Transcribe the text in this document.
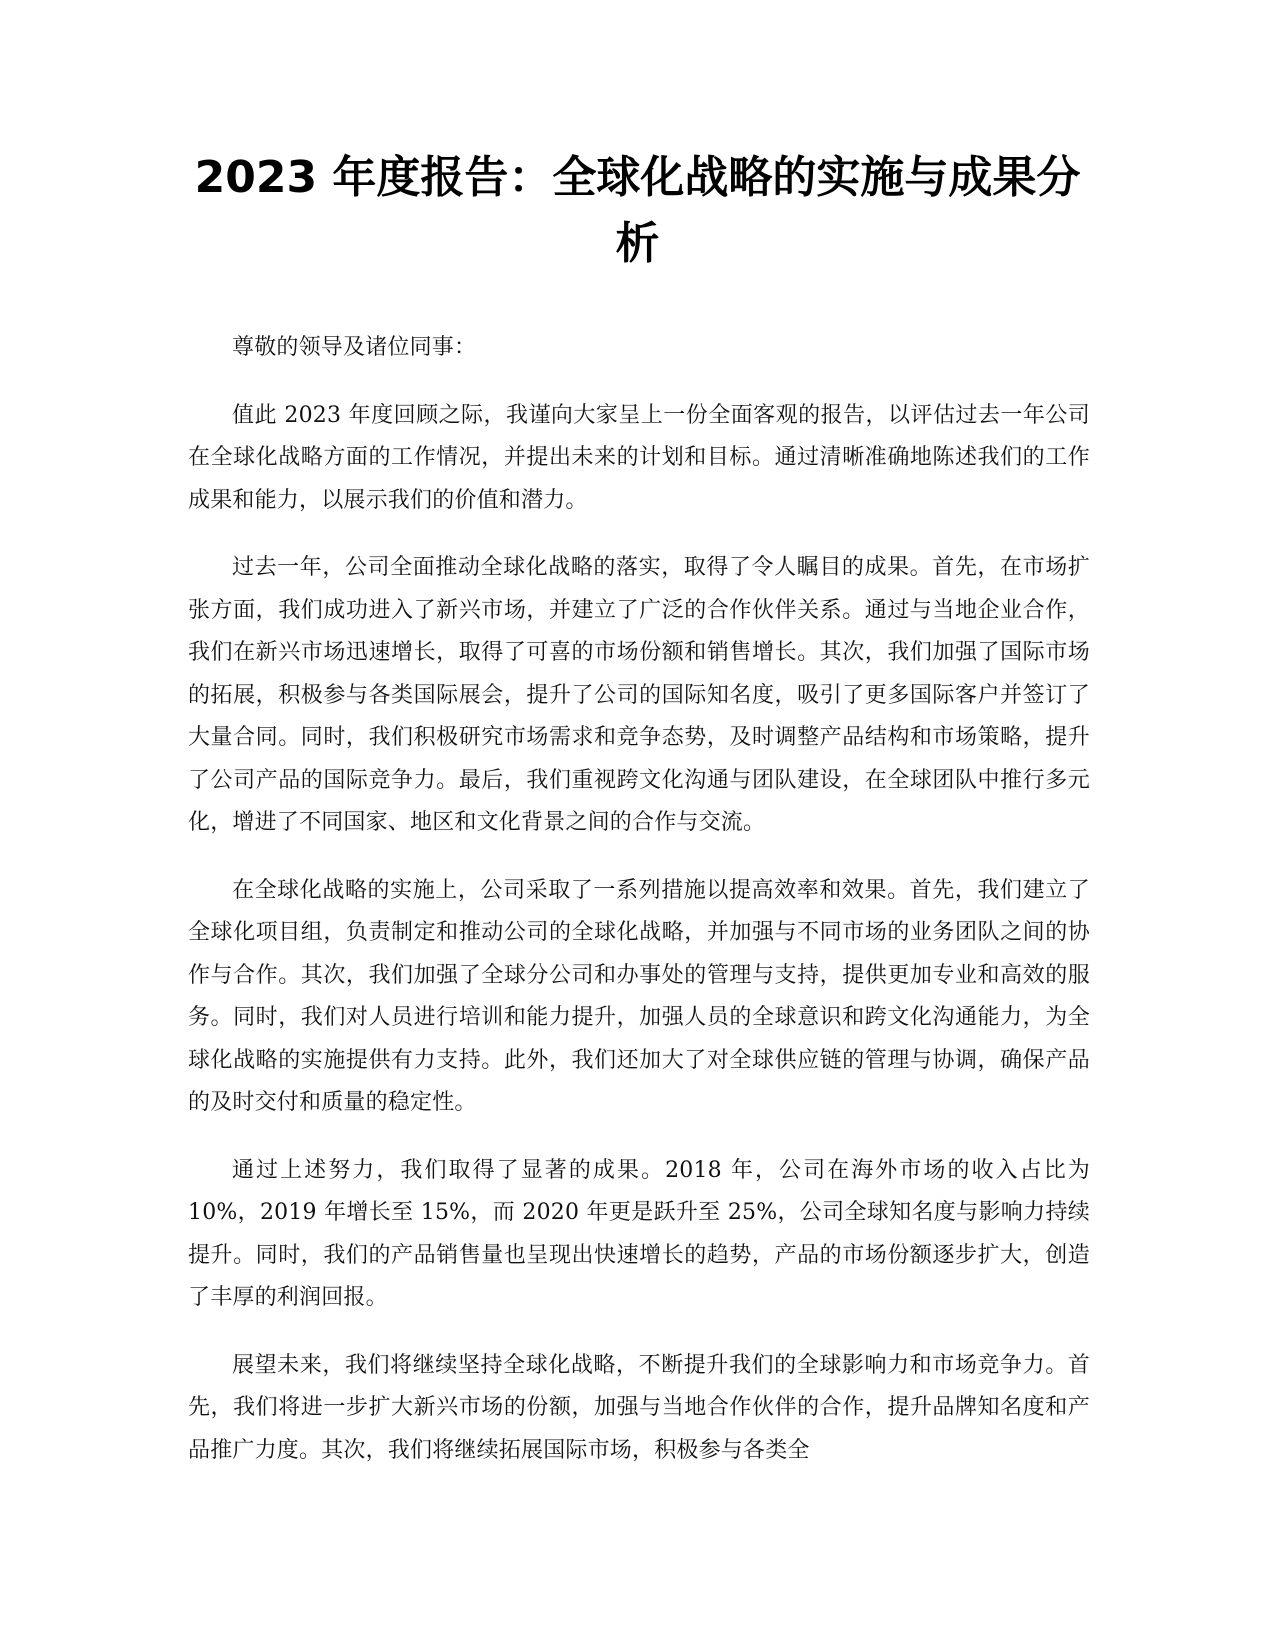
2023 年度报告：全球化战略的实施与成果分析

尊敬的领导及诸位同事：

值此 2023 年度回顾之际，我谨向大家呈上一份全面客观的报告，以评估过去一年公司在全球化战略方面的工作情况，并提出未来的计划和目标。通过清晰准确地陈述我们的工作成果和能力，以展示我们的价值和潜力。

过去一年，公司全面推动全球化战略的落实，取得了令人瞩目的成果。首先，在市场扩张方面，我们成功进入了新兴市场，并建立了广泛的合作伙伴关系。通过与当地企业合作，我们在新兴市场迅速增长，取得了可喜的市场份额和销售增长。其次，我们加强了国际市场的拓展，积极参与各类国际展会，提升了公司的国际知名度，吸引了更多国际客户并签订了大量合同。同时，我们积极研究市场需求和竞争态势，及时调整产品结构和市场策略，提升了公司产品的国际竞争力。最后，我们重视跨文化沟通与团队建设，在全球团队中推行多元化，增进了不同国家、地区和文化背景之间的合作与交流。

在全球化战略的实施上，公司采取了一系列措施以提高效率和效果。首先，我们建立了全球化项目组，负责制定和推动公司的全球化战略，并加强与不同市场的业务团队之间的协作与合作。其次，我们加强了全球分公司和办事处的管理与支持，提供更加专业和高效的服务。同时，我们对人员进行培训和能力提升，加强人员的全球意识和跨文化沟通能力，为全球化战略的实施提供有力支持。此外，我们还加大了对全球供应链的管理与协调，确保产品的及时交付和质量的稳定性。

通过上述努力，我们取得了显著的成果。2018 年，公司在海外市场的收入占比为 10%，2019 年增长至 15%，而 2020 年更是跃升至 25%，公司全球知名度与影响力持续提升。同时，我们的产品销售量也呈现出快速增长的趋势，产品的市场份额逐步扩大，创造了丰厚的利润回报。

展望未来，我们将继续坚持全球化战略，不断提升我们的全球影响力和市场竞争力。首先，我们将进一步扩大新兴市场的份额，加强与当地合作伙伴的合作，提升品牌知名度和产品推广力度。其次，我们将继续拓展国际市场，积极参与各类全
